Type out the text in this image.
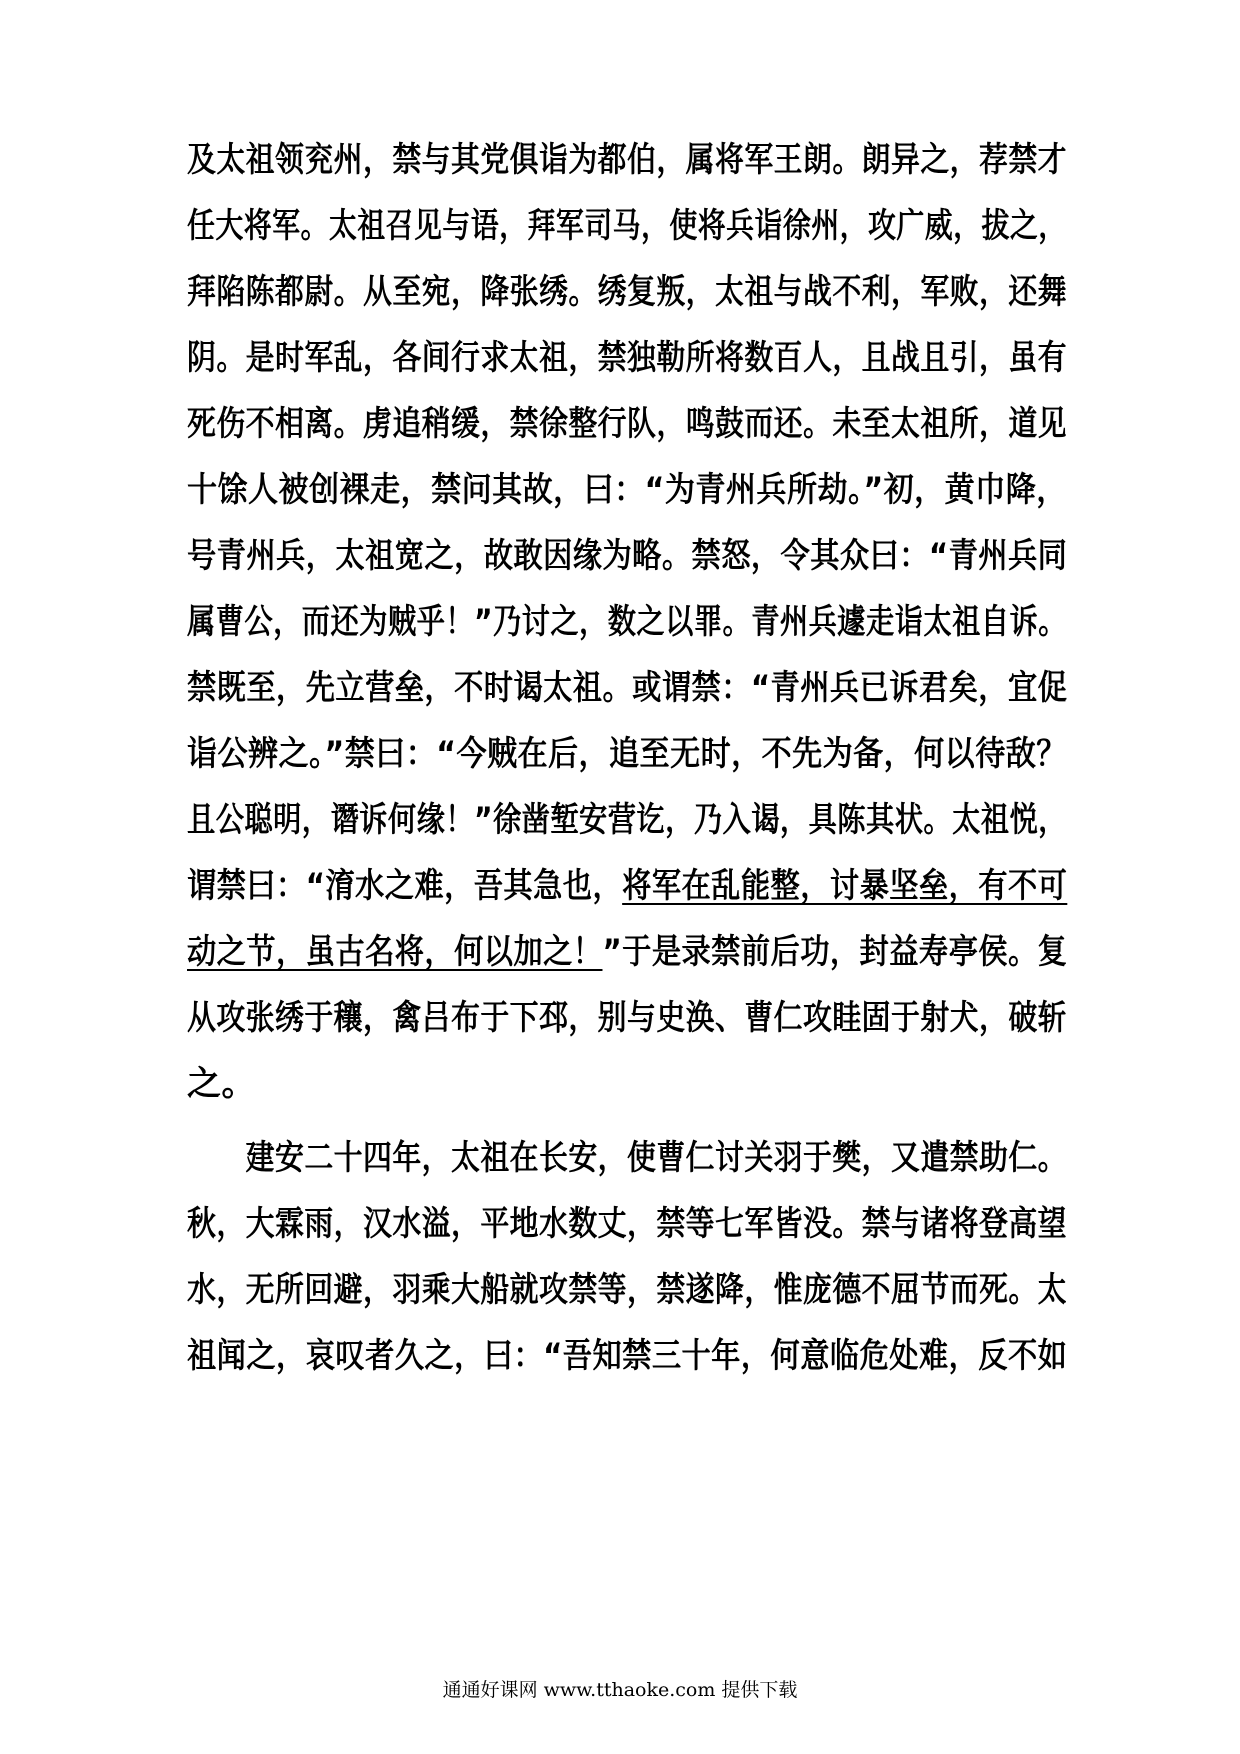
及太祖领兖州，禁与其党俱诣为都伯，属将军王朗。朗异之，荐禁才
任大将军。太祖召见与语，拜军司马，使将兵诣徐州，攻广威，拔之，
拜陷陈都尉。从至宛，降张绣。绣复叛，太祖与战不利，军败，还舞
阴。是时军乱，各间行求太祖，禁独勒所将数百人，且战且引，虽有
死伤不相离。虏追稍缓，禁徐整行队，鸣鼓而还。未至太祖所，道见
十馀人被创裸走，禁问其故，曰：“为青州兵所劫。”初，黄巾降，
号青州兵，太祖宽之，故敢因缘为略。禁怒，令其众曰：“青州兵同
属曹公，而还为贼乎！”乃讨之，数之以罪。青州兵遽走诣太祖自诉。
禁既至，先立营垒，不时谒太祖。或谓禁：“青州兵已诉君矣，宜促
诣公辨之。”禁曰：“今贼在后，追至无时，不先为备，何以待敌？
且公聪明，谮诉何缘！”徐凿堑安营讫，乃入谒，具陈其状。太祖悦，
谓禁曰：“淯水之难，吾其急也，将军在乱能整，讨暴坚垒，有不可
动之节，虽古名将，何以加之！”于是录禁前后功，封益寿亭侯。复
从攻张绣于穰，禽吕布于下邳，别与史涣、曹仁攻眭固于射犬，破斩
之。
　　建安二十四年，太祖在长安，使曹仁讨关羽于樊，又遣禁助仁。
秋，大霖雨，汉水溢，平地水数丈，禁等七军皆没。禁与诸将登高望
水，无所回避，羽乘大船就攻禁等，禁遂降，惟庞德不屈节而死。太
祖闻之，哀叹者久之，曰：“吾知禁三十年，何意临危处难，反不如
通通好课网 www.tthaoke.com 提供下载
